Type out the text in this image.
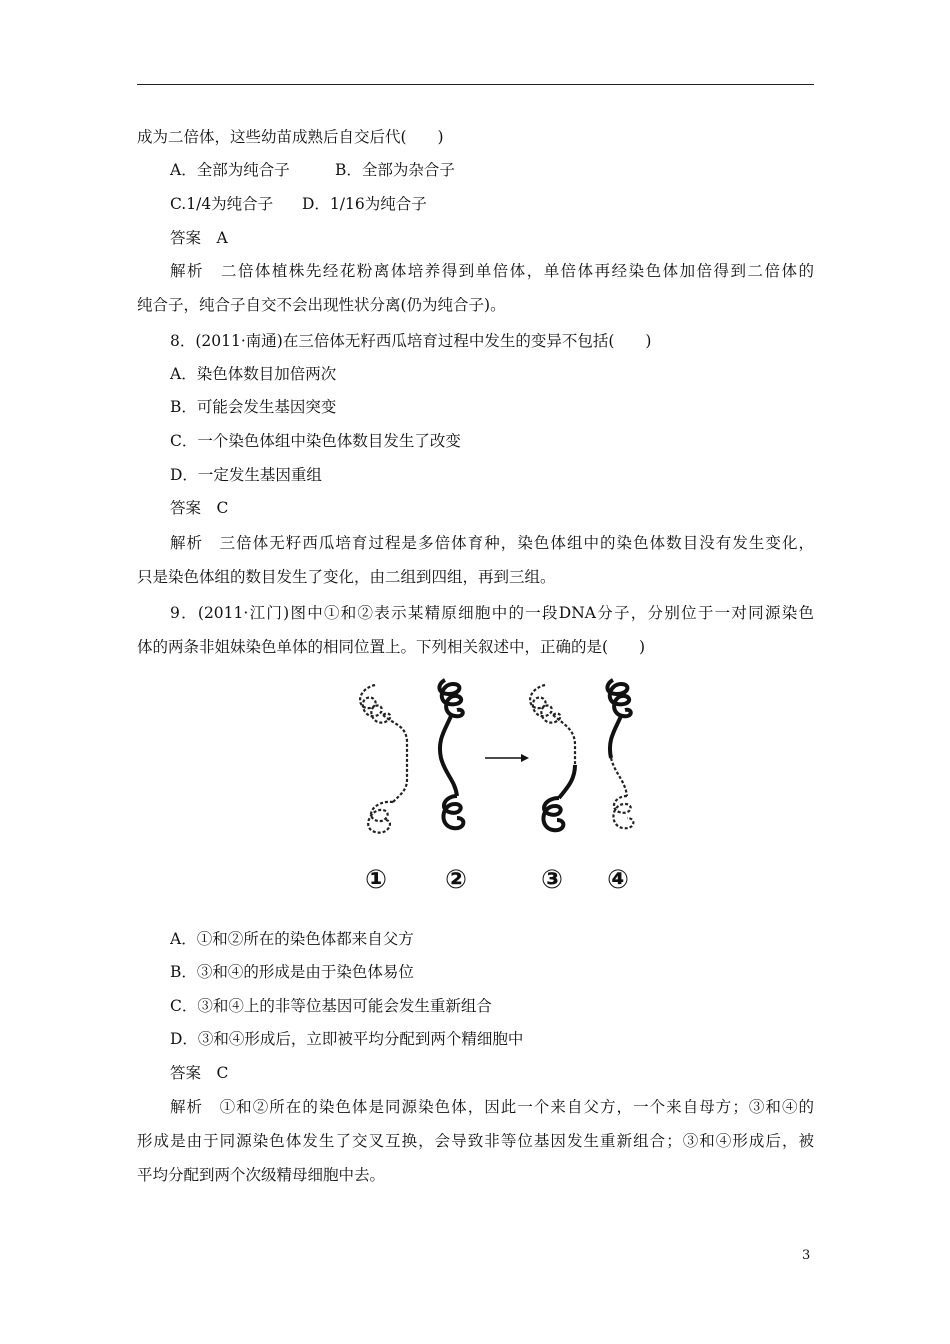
成为二倍体，这些幼苗成熟后自交后代(　　)
A．全部为纯合子	B．全部为杂合子
C.1/4为纯合子 D．1/16为纯合子
答案　A
解析　二倍体植株先经花粉离体培养得到单倍体，单倍体再经染色体加倍得到二倍体的
纯合子，纯合子自交不会出现性状分离(仍为纯合子)。
8．(2011·南通)在三倍体无籽西瓜培育过程中发生的变异不包括(　　)
A．染色体数目加倍两次
B．可能会发生基因突变
C．一个染色体组中染色体数目发生了改变
D．一定发生基因重组
答案　C
解析　三倍体无籽西瓜培育过程是多倍体育种，染色体组中的染色体数目没有发生变化，
只是染色体组的数目发生了变化，由二组到四组，再到三组。
9．(2011·江门)图中①和②表示某精原细胞中的一段DNA分子，分别位于一对同源染色
体的两条非姐妹染色单体的相同位置上。下列相关叙述中，正确的是(　　)
① ②	③ ④
A．①和②所在的染色体都来自父方
B．③和④的形成是由于染色体易位
C．③和④上的非等位基因可能会发生重新组合
D．③和④形成后，立即被平均分配到两个精细胞中
答案　C
解析　①和②所在的染色体是同源染色体，因此一个来自父方，一个来自母方；③和④的
形成是由于同源染色体发生了交叉互换，会导致非等位基因发生重新组合；③和④形成后，被
平均分配到两个次级精母细胞中去。
3
